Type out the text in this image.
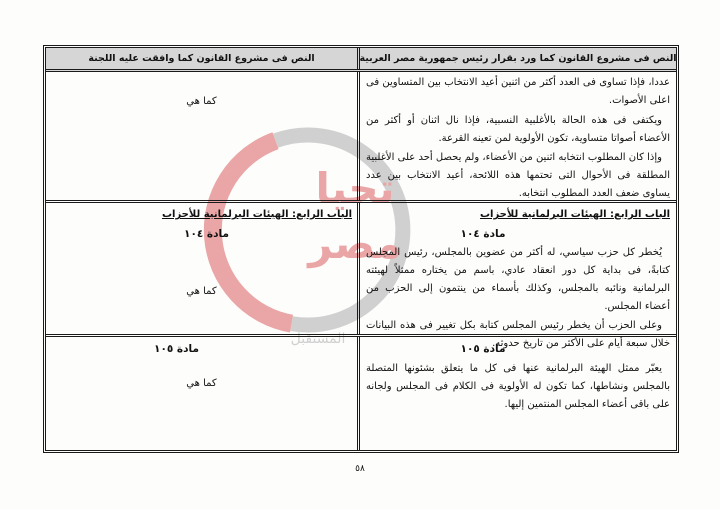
تحيا
مصر
المستقبل
النص فى مشروع القانون كما ورد بقرار رئيس جمهورية مصر العربية
النص فى مشروع القانون كما وافقت عليه اللجنة

عددا، فإذا تساوى فى العدد أكثر من اثنين أعيد الانتخاب بين المتساوين فى اعلى الأصوات.

ويكتفى فى هذه الحالة بالأغلبية النسبية، فإذا نال اثنان أو أكثر من الأعضاء أصواتا متساوية، تكون الأولوية لمن تعينه القرعة.

وإذا كان المطلوب انتخابه اثنين من الأعضاء، ولم يحصل أحد على الأغلبية المطلقة فى الأحوال التى تحتمها هذه اللائحة، أعيد الانتخاب بين عدد يساوى ضعف العدد المطلوب انتخابه.

كما هي
الباب الرابع: الهيئات البرلمانية للأحزاب
مادة ١٠٤

يُخطر كل حزب سياسي، له أكثر من عضوين بالمجلس، رئيس المجلس كتابةً، فى بداية كل دور انعقاد عادي، باسم من يختاره ممثلاً لهيئته البرلمانية ونائبه بالمجلس، وكذلك بأسماء من ينتمون إلى الحزب من أعضاء المجلس.

وعلى الحزب أن يخطر رئيس المجلس كتابة بكل تغيير فى هذه البيانات خلال سبعة أيام على الأكثر من تاريخ حدوثه.

الباب الرابع: الهيئات البرلمانية للأحزاب
مادة ١٠٤
كما هي
مادة ١٠٥

يعبّر ممثل الهيئة البرلمانية عنها فى كل ما يتعلق بشئونها المتصلة بالمجلس ونشاطها، كما تكون له الأولوية فى الكلام فى المجلس ولجانه على باقى أعضاء المجلس المنتمين إليها.

مادة ١٠٥
كما هي
٥٨
